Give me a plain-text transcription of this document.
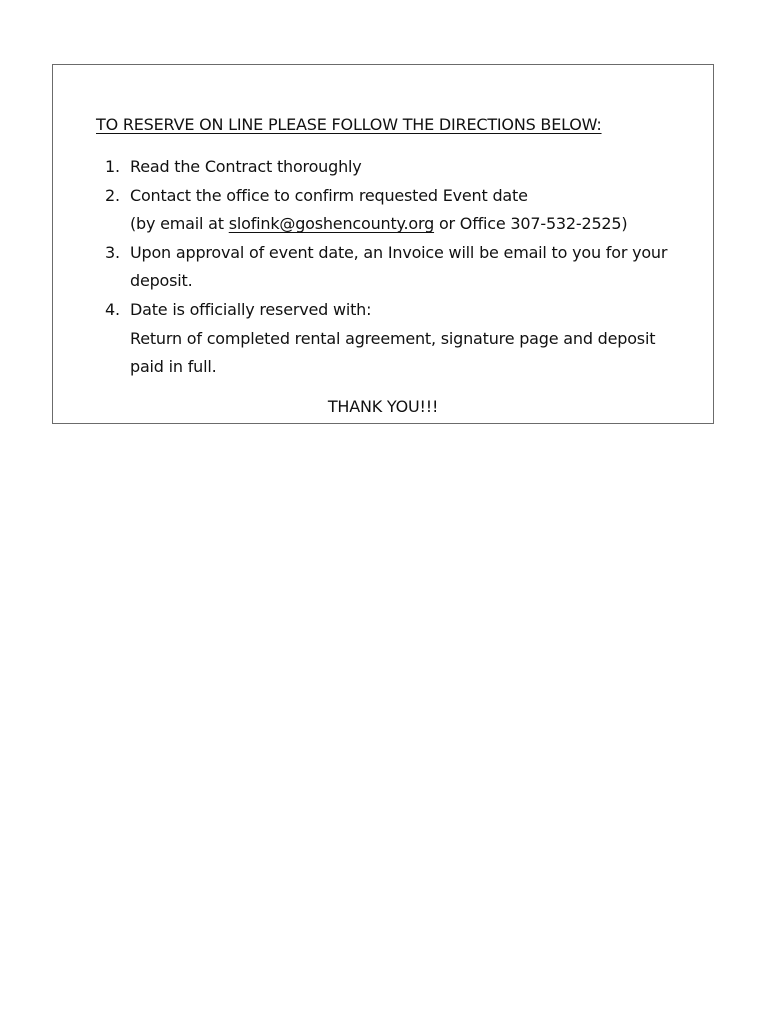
TO RESERVE ON LINE PLEASE FOLLOW THE DIRECTIONS BELOW:
1. Read the Contract thoroughly
2. Contact the office to confirm requested Event date
(by email at slofink@goshencounty.org or Office 307-532-2525)
3. Upon approval of event date, an Invoice will be email to you for your
deposit.
4. Date is officially reserved with:
Return of completed rental agreement, signature page and deposit
paid in full.
THANK YOU!!!
